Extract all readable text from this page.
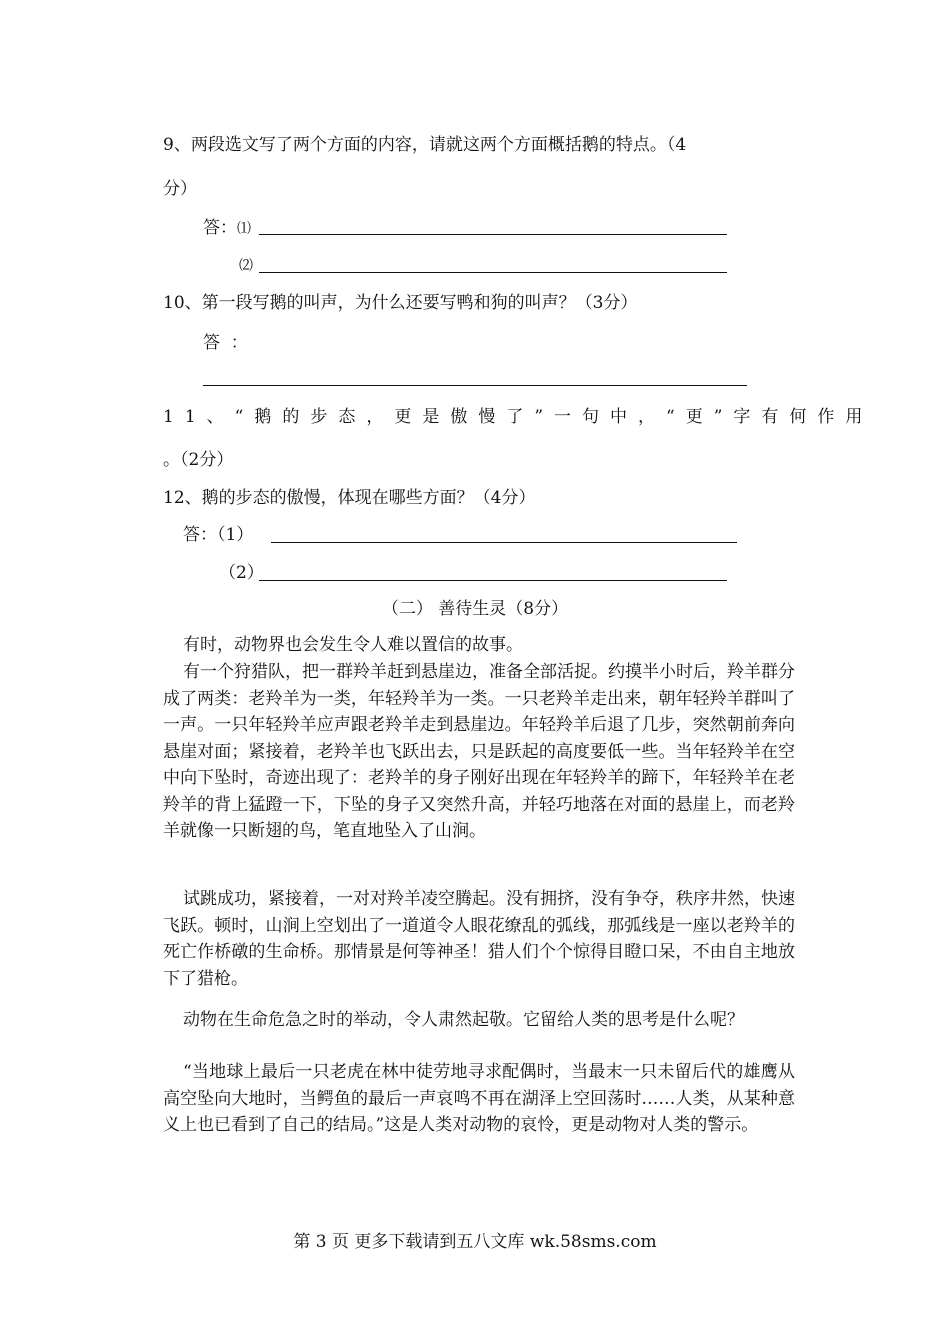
9、两段选文写了两个方面的内容，请就这两个方面概括鹅的特点。（4
分）
答：⑴
⑵
10、第一段写鹅的叫声，为什么还要写鸭和狗的叫声？（3分）
答  ：
11、“鹅的步态，更是傲慢了”一句中，“更”字有何作用
。（2分）
12、鹅的步态的傲慢，体现在哪些方面？（4分）
答：（1）
（2）
（二） 善待生灵（8分）
有时，动物界也会发生令人难以置信的故事。
有一个狩猎队，把一群羚羊赶到悬崖边，准备全部活捉。约摸半小时后，羚羊群分成了两类：老羚羊为一类，年轻羚羊为一类。一只老羚羊走出来，朝年轻羚羊群叫了一声。一只年轻羚羊应声跟老羚羊走到悬崖边。年轻羚羊后退了几步，突然朝前奔向悬崖对面；紧接着，老羚羊也飞跃出去，只是跃起的高度要低一些。当年轻羚羊在空中向下坠时，奇迹出现了：老羚羊的身子刚好出现在年轻羚羊的蹄下，年轻羚羊在老羚羊的背上猛蹬一下，下坠的身子又突然升高，并轻巧地落在对面的悬崖上，而老羚羊就像一只断翅的鸟，笔直地坠入了山涧。
试跳成功，紧接着，一对对羚羊凌空腾起。没有拥挤，没有争夺，秩序井然，快速飞跃。顿时，山涧上空划出了一道道令人眼花缭乱的弧线，那弧线是一座以老羚羊的死亡作桥礅的生命桥。那情景是何等神圣！猎人们个个惊得目瞪口呆，不由自主地放下了猎枪。
动物在生命危急之时的举动，令人肃然起敬。它留给人类的思考是什么呢？
“当地球上最后一只老虎在林中徒劳地寻求配偶时，当最末一只未留后代的雄鹰从高空坠向大地时，当鳄鱼的最后一声哀鸣不再在湖泽上空回荡时……人类，从某种意义上也已看到了自己的结局。”这是人类对动物的哀怜，更是动物对人类的警示。
第 3 页 更多下载请到五八文库 wk.58sms.com
